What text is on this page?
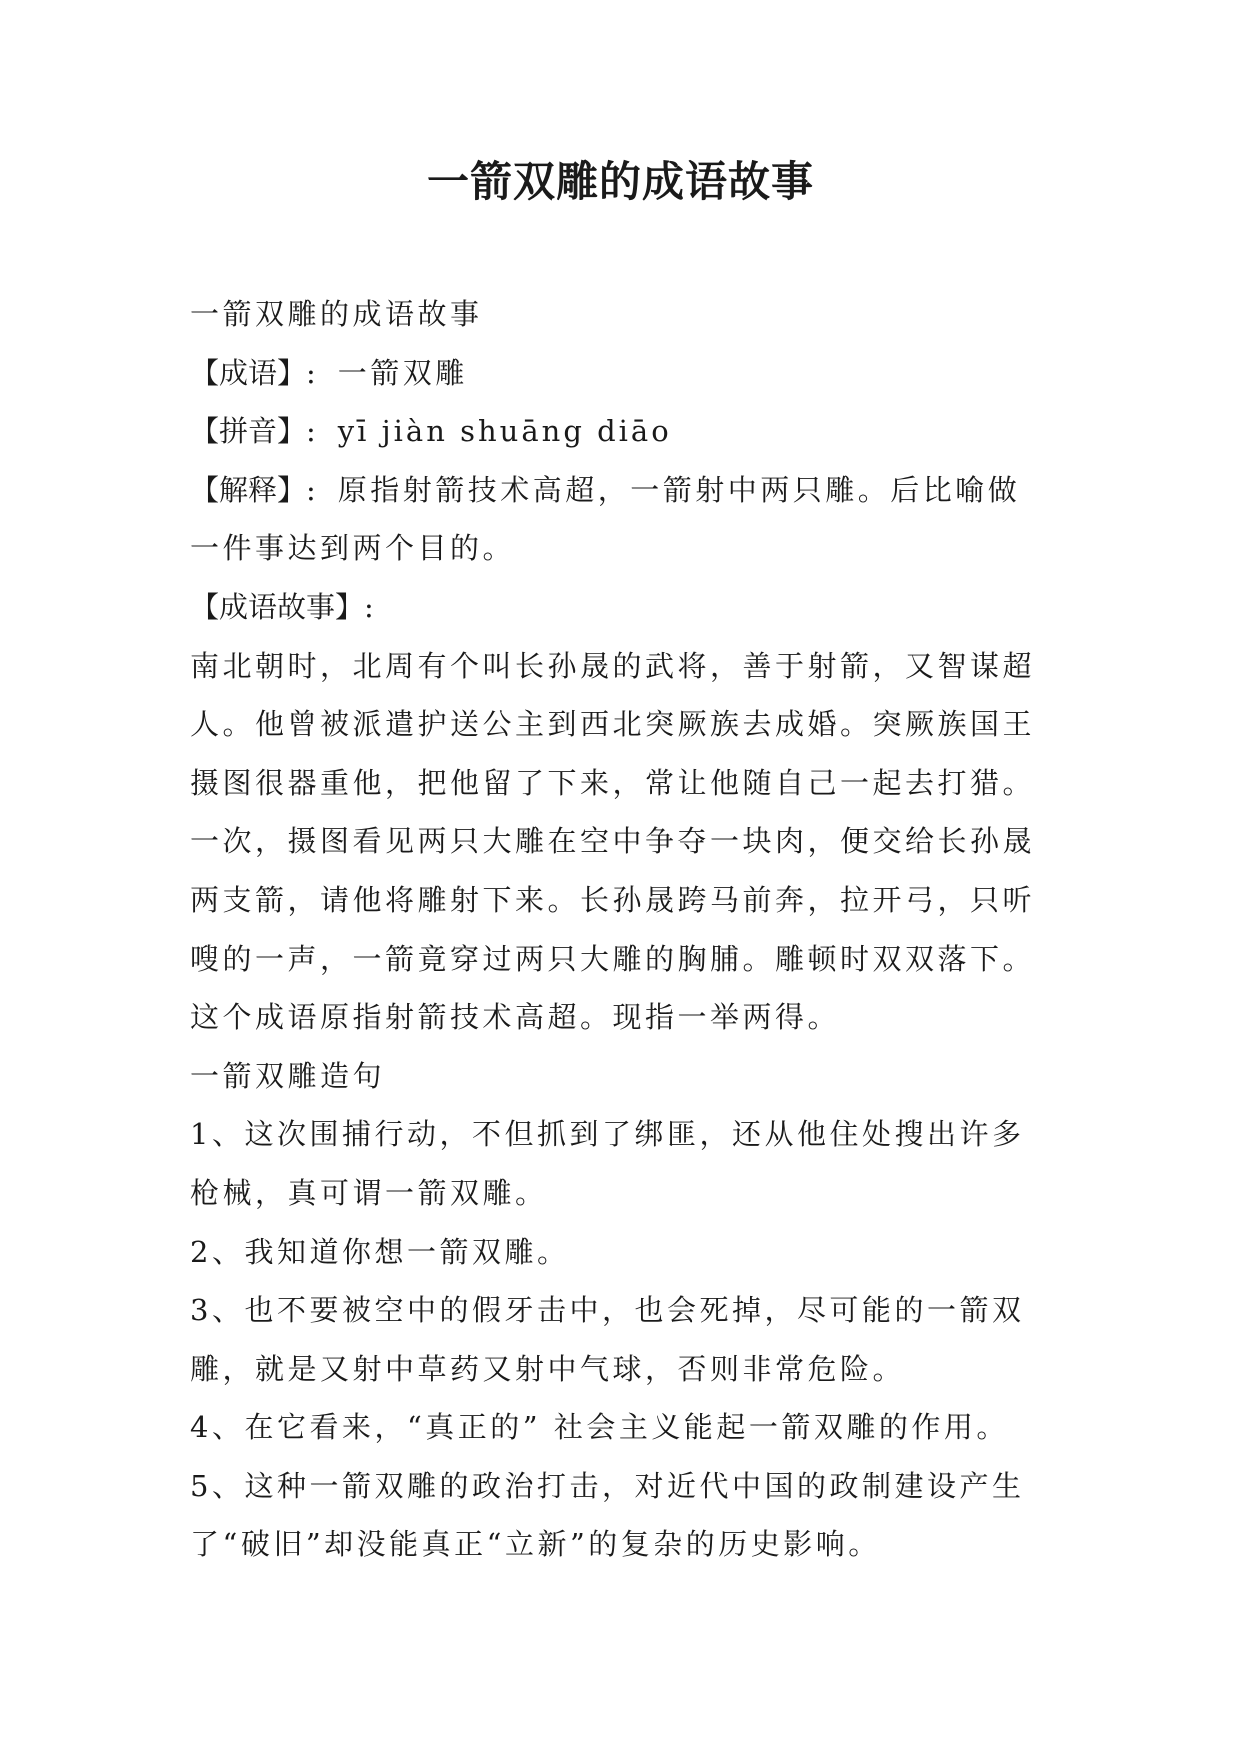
一箭双雕的成语故事
一箭双雕的成语故事
【成语】: 一箭双雕
【拼音】: yī jiàn shuāng diāo
【解释】: 原指射箭技术高超，一箭射中两只雕。后比喻做
一件事达到两个目的。
【成语故事】:
南北朝时，北周有个叫长孙晟的武将，善于射箭，又智谋超
人。他曾被派遣护送公主到西北突厥族去成婚。突厥族国王
摄图很器重他，把他留了下来，常让他随自己一起去打猎。
一次，摄图看见两只大雕在空中争夺一块肉，便交给长孙晟
两支箭，请他将雕射下来。长孙晟跨马前奔，拉开弓，只听
嗖的一声，一箭竟穿过两只大雕的胸脯。雕顿时双双落下。
这个成语原指射箭技术高超。现指一举两得。
一箭双雕造句
1、这次围捕行动，不但抓到了绑匪，还从他住处搜出许多
枪械，真可谓一箭双雕。
2、我知道你想一箭双雕。
3、也不要被空中的假牙击中，也会死掉，尽可能的一箭双
雕，就是又射中草药又射中气球，否则非常危险。
4、在它看来，“真正的” 社会主义能起一箭双雕的作用。
5、这种一箭双雕的政治打击，对近代中国的政制建设产生
了“破旧”却没能真正“立新”的复杂的历史影响。
